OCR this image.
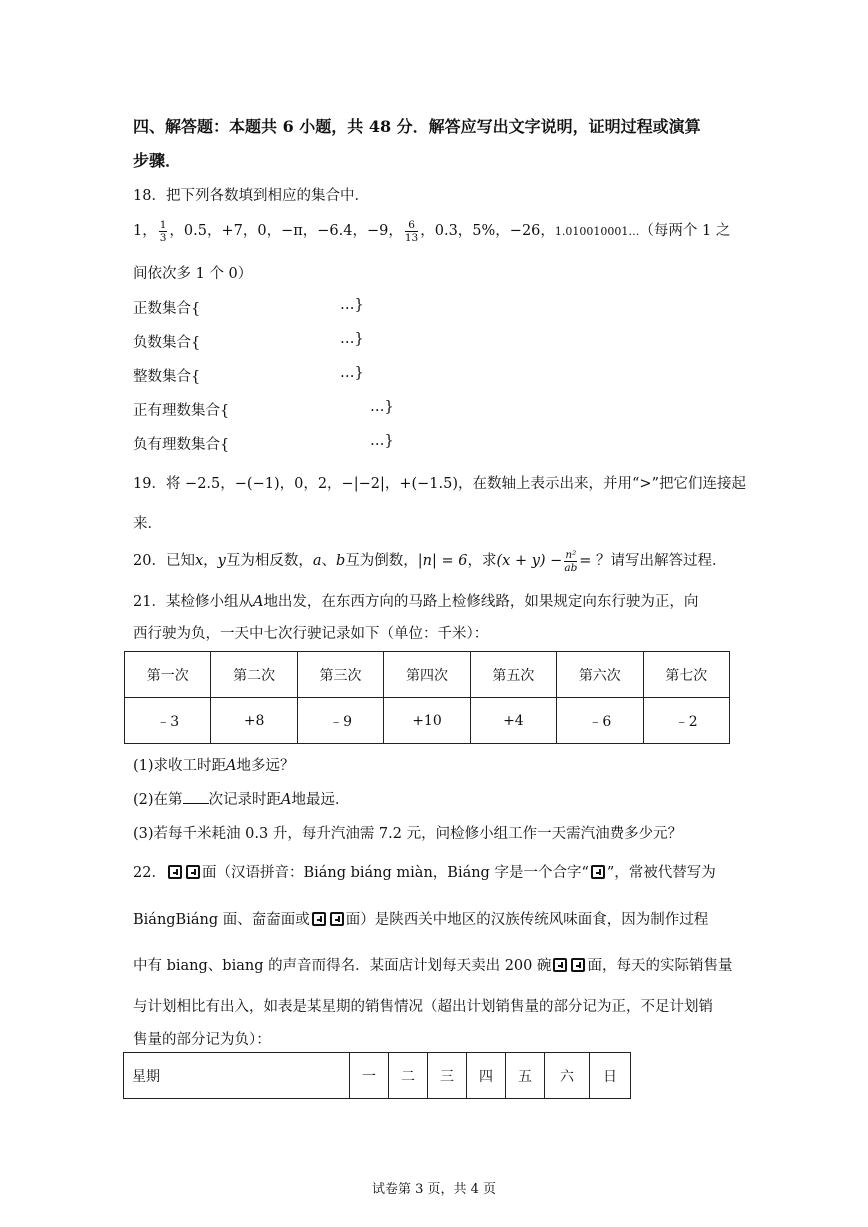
四、解答题：本题共 6 小题，共 48 分．解答应写出文字说明，证明过程或演算
步骤．
18．把下列各数填到相应的集合中．
1， $\frac{1}{3}$ ，0.5，+7，0，−π，−6.4，−9， $\frac{6}{13}$ ，0.3，5%，−26，1.010010001…（每两个 1 之
间依次多 1 个 0）
正数集合{	…}
负数集合{	…}
整数集合{	…}
正有理数集合{	…}
负有理数集合{	…}
19．将 −2.5，−(−1)，0，2，−|−2|，+(−1.5)，在数轴上表示出来，并用“>”把它们连接起
来．
20．已知x，y互为相反数，a、b互为倒数，|n| = 6，求$(x + y) - \frac{\text{n²}}{ab}$ = ？请写出解答过程．
21．某检修小组从A地出发，在东西方向的马路上检修线路，如果规定向东行驶为正，向
西行驶为负，一天中七次行驶记录如下（单位：千米）：
第一次	第二次	第三次	第四次	第五次	第六次	第七次
﹣3	+8	﹣9	+10	+4	﹣6	﹣2
(1)求收工时距A地多远？
(2)在第 次记录时距A地最远．
(3)若每千米耗油 0.3 升，每升汽油需 7.2 元，问检修小组工作一天需汽油费多少元？
22． 面（汉语拼音：Biáng biáng miàn，Biáng 字是一个合字“ ”，常被代替写为
BiángBiáng 面、奤奤面或 面）是陕西关中地区的汉族传统风味面食，因为制作过程
中有 biang、biang 的声音而得名．某面店计划每天卖出 200 碗 面，每天的实际销售量
与计划相比有出入，如表是某星期的销售情况（超出计划销售量的部分记为正，不足计划销
售量的部分记为负）：
星期	一	二	三	四	五	六	日
试卷第 3 页，共 4 页
